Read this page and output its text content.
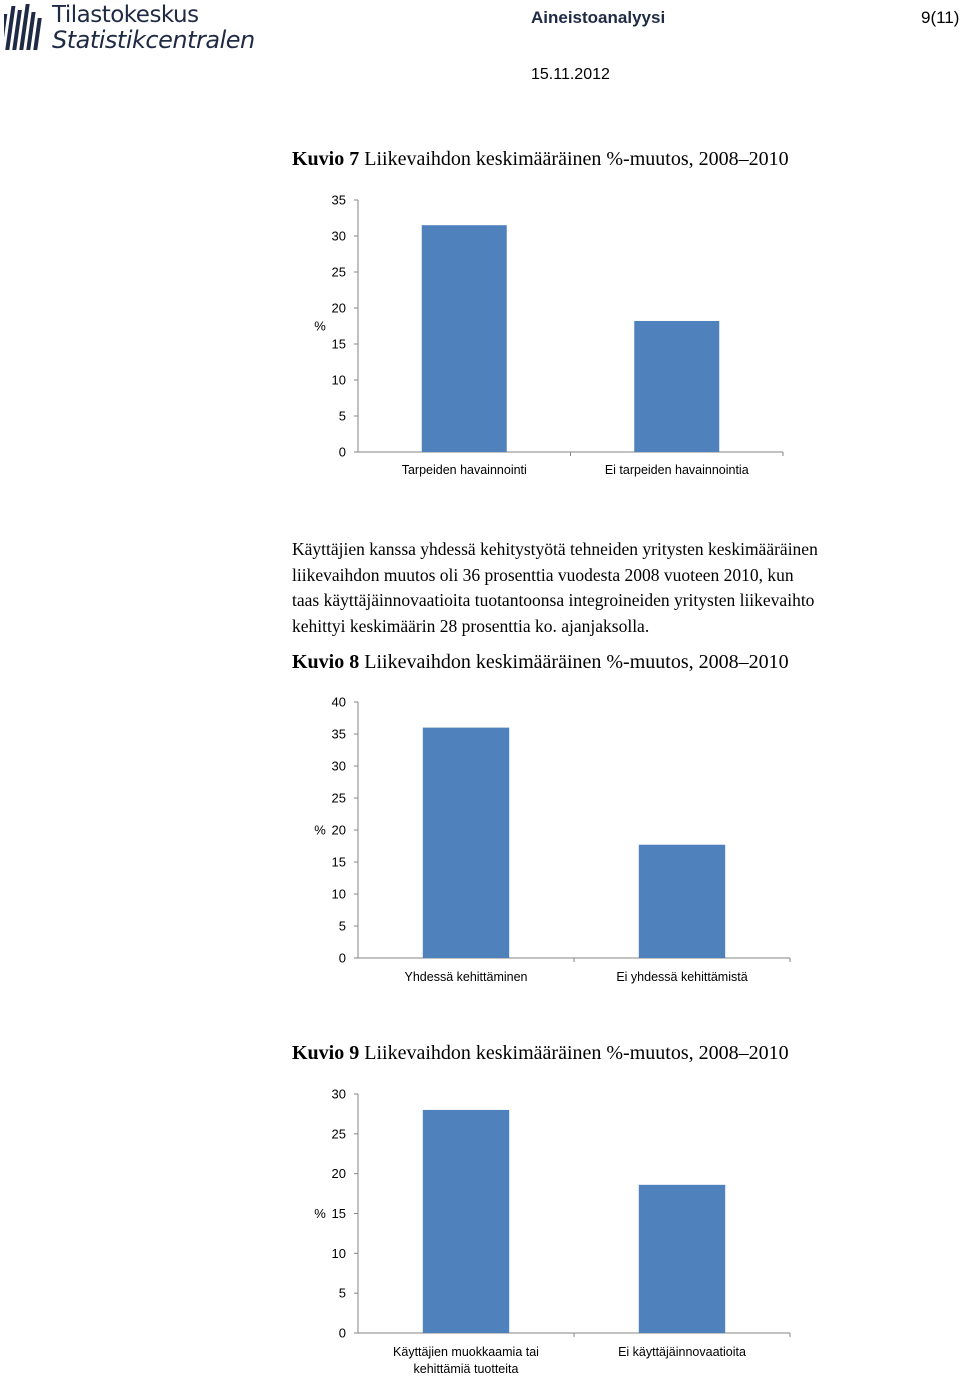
Tilastokeskus
Statistikcentralen
Aineistoanalyysi	9(11)
15.11.2012
Kuvio 7 Liikevaihdon keskimääräinen %-muutos, 2008–2010
0
5
10
15
20
25
30
35
%
Tarpeiden havainnointi	Ei tarpeiden havainnointia
Käyttäjien kanssa yhdessä kehitystyötä tehneiden yritysten keskimääräinen
liikevaihdon muutos oli 36 prosenttia vuodesta 2008 vuoteen 2010, kun
taas käyttäjäinnovaatioita tuotantoonsa integroineiden yritysten liikevaihto
kehittyi keskimäärin 28 prosenttia ko. ajanjaksolla.
Kuvio 8 Liikevaihdon keskimääräinen %-muutos, 2008–2010
0
5
10
15
20
25
30
35
40
%
Yhdessä kehittäminen	Ei yhdessä kehittämistä
Kuvio 9 Liikevaihdon keskimääräinen %-muutos, 2008–2010
0
5
10
15
20
25
30
%
Käyttäjien muokkaamia tai kehittämiä tuotteita
Ei käyttäjäinnovaatioita
